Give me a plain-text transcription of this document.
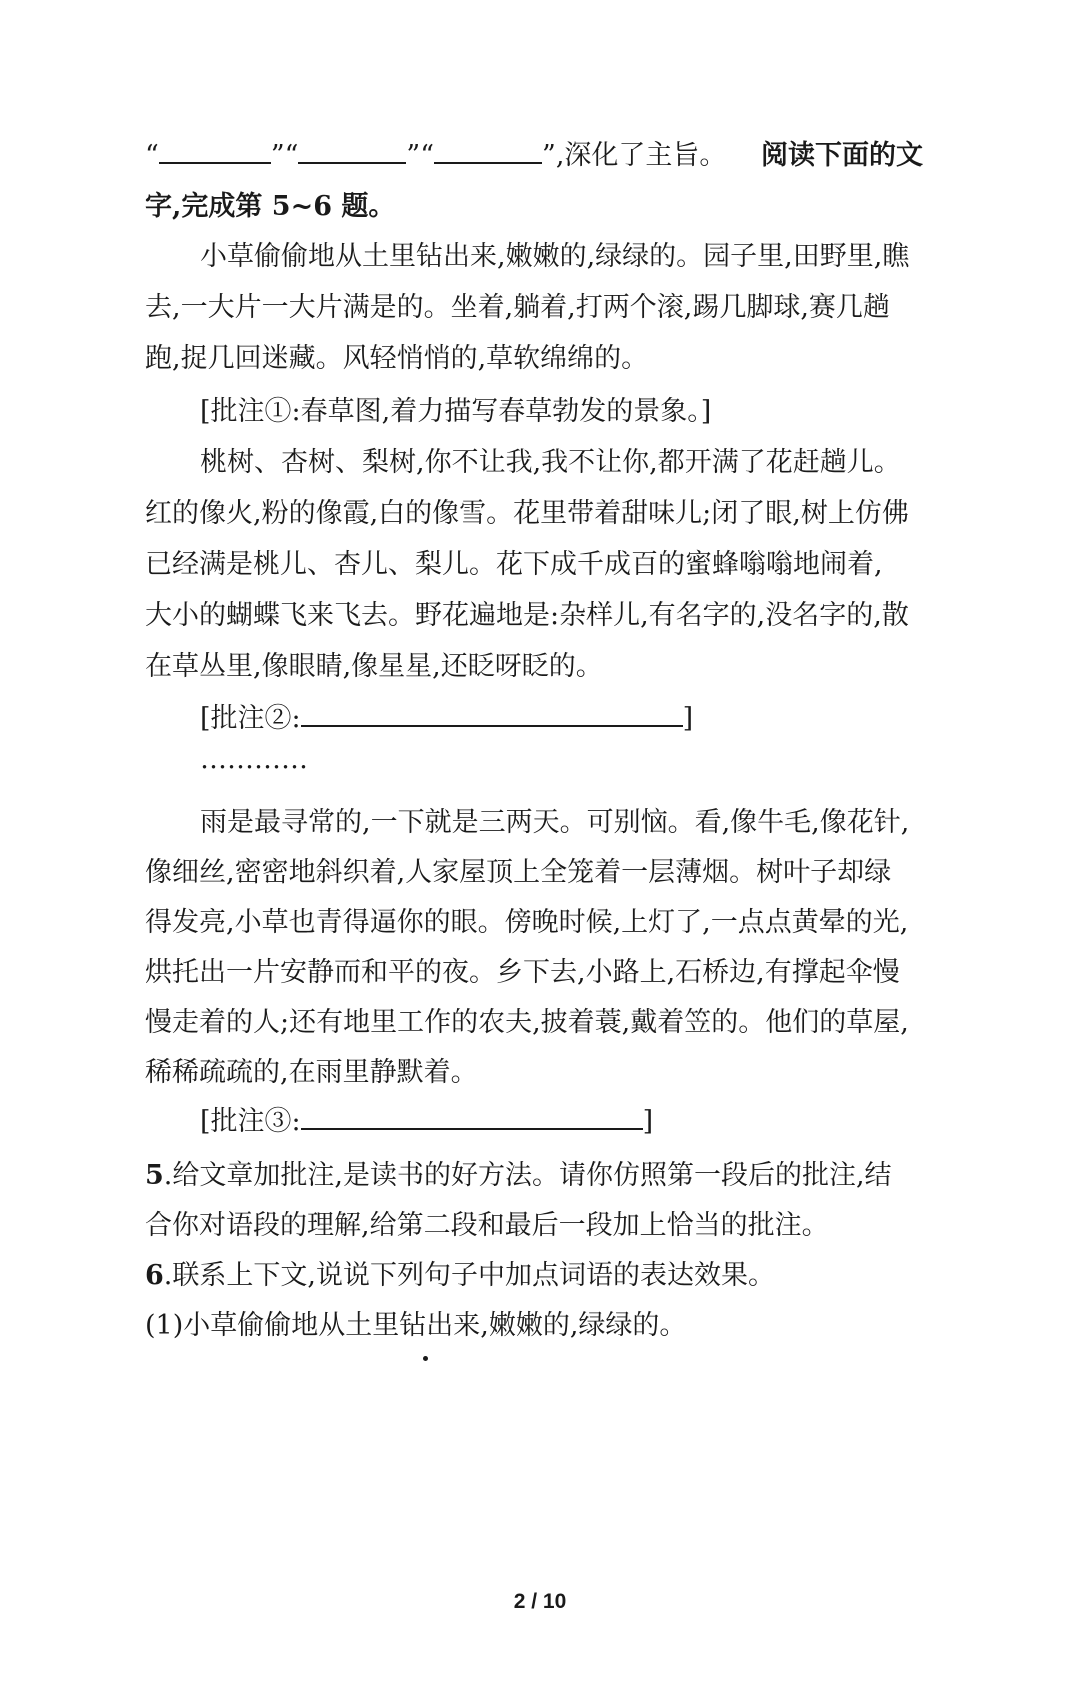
“	”“	”“	”,深化了主旨。 阅读下面的文
字,完成第 5~6 题。
小草偷偷地从土里钻出来,嫩嫩的,绿绿的。园子里,田野里,瞧
去,一大片一大片满是的。坐着,躺着,打两个滚,踢几脚球,赛几趟
跑,捉几回迷藏。风轻悄悄的,草软绵绵的。
[批注①:春草图,着力描写春草勃发的景象。]
桃树、杏树、梨树,你不让我,我不让你,都开满了花赶趟儿。
红的像火,粉的像霞,白的像雪。花里带着甜味儿;闭了眼,树上仿佛
已经满是桃儿、杏儿、梨儿。花下成千成百的蜜蜂嗡嗡地闹着,
大小的蝴蝶飞来飞去。野花遍地是:杂样儿,有名字的,没名字的,散
在草丛里,像眼睛,像星星,还眨呀眨的。
[批注②:	]
…………
雨是最寻常的,一下就是三两天。可别恼。看,像牛毛,像花针,
像细丝,密密地斜织着,人家屋顶上全笼着一层薄烟。树叶子却绿
得发亮,小草也青得逼你的眼。傍晚时候,上灯了,一点点黄晕的光,
烘托出一片安静而和平的夜。乡下去,小路上,石桥边,有撑起伞慢
慢走着的人;还有地里工作的农夫,披着蓑,戴着笠的。他们的草屋,
稀稀疏疏的,在雨里静默着。
[批注③:	]
5.给文章加批注,是读书的好方法。请你仿照第一段后的批注,结
合你对语段的理解,给第二段和最后一段加上恰当的批注。
6.联系上下文,说说下列句子中加点词语的表达效果。
(1)小草偷偷地从土里钻出来,嫩嫩的,绿绿的。
2 / 10
